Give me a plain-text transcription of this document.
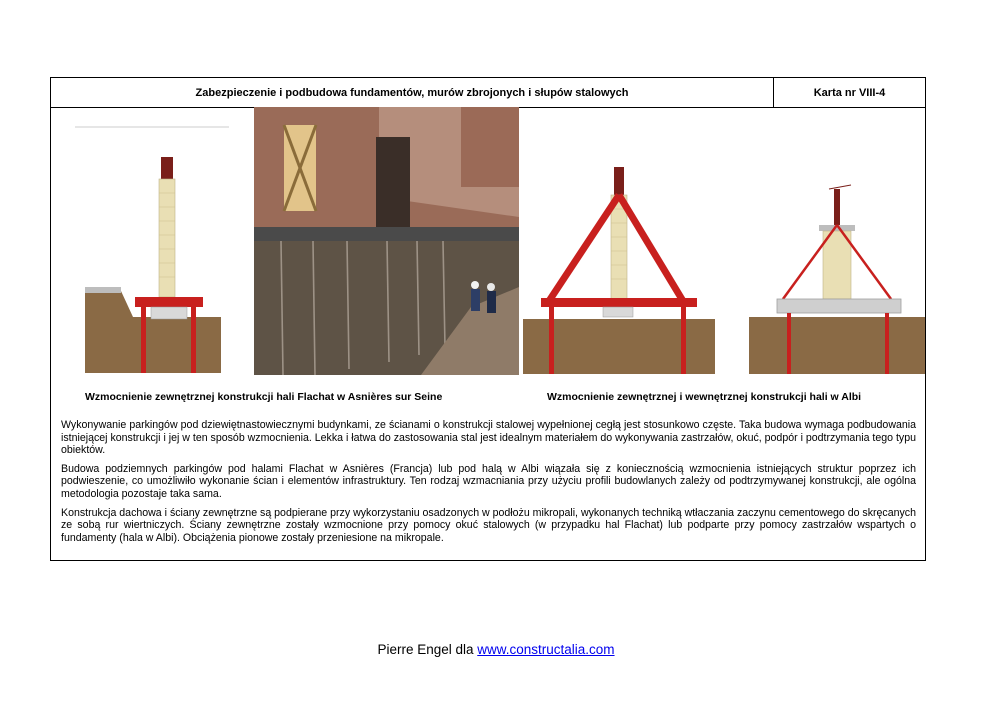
Zabezpieczenie i podbudowa fundamentów, murów zbrojonych i słupów stalowych	Karta nr VIII-4
Wzmocnienie zewnętrznej konstrukcji hali Flachat w Asnières sur Seine	Wzmocnienie zewnętrznej i wewnętrznej konstrukcji hali w Albi

Wykonywanie parkingów pod dziewiętnastowiecznymi budynkami, ze ścianami o konstrukcji stalowej wypełnionej cegłą jest stosunkowo częste. Taka budowa wymaga podbudowania istniejącej konstrukcji i jej w ten sposób wzmocnienia. Lekka i łatwa do zastosowania stal jest idealnym materiałem do wykonywania zastrzałów, okuć, podpór i podtrzymania tego typu obiektów.

Budowa podziemnych parkingów pod halami Flachat w Asnières (Francja) lub pod halą w Albi wiązała się z koniecznością wzmocnienia istniejących struktur poprzez ich podwieszenie, co umożliwiło wykonanie ścian i elementów infrastruktury. Ten rodzaj wzmacniania przy użyciu profili budowlanych zależy od podtrzymywanej konstrukcji, ale ogólna metodologia pozostaje taka sama.

Konstrukcja dachowa i ściany zewnętrzne są podpierane przy wykorzystaniu osadzonych w podłożu mikropali, wykonanych techniką wtłaczania zaczynu cementowego do skręcanych ze sobą rur wiertniczych. Ściany zewnętrzne zostały wzmocnione przy pomocy okuć stalowych (w przypadku hal Flachat) lub podparte przy pomocy zastrzałów wspartych o fundamenty (hala w Albi). Obciążenia pionowe zostały przeniesione na mikropale.

Pierre Engel dla www.constructalia.com
